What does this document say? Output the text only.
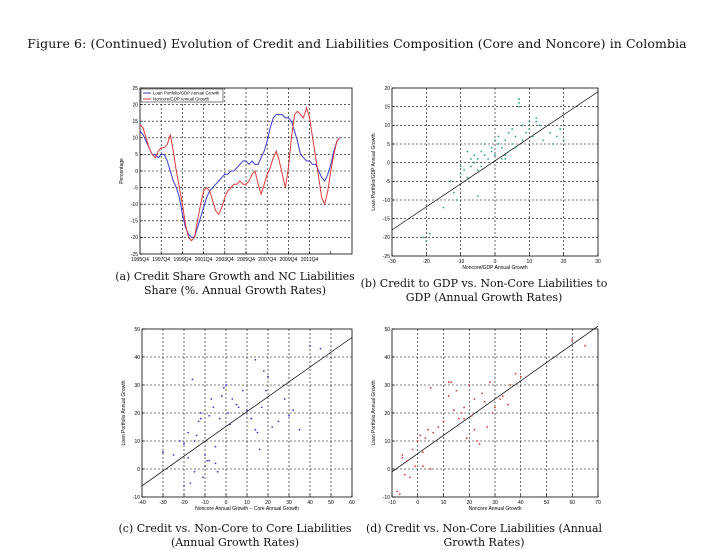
Figure 6: (Continued) Evolution of Credit and Liabilities Composition (Core and Noncore) in Colombia
1995Q4 1997Q4 1999Q4 2001Q4 2003Q4 2005Q4 2007Q4 2009Q4 2011Q4
-25
-20
-15
-10
-5
0
5
10
15
20
25
Percentage
Loan Portfolio/GDP Annual Growth
Noncore/GDP Annual Growth
-30	-20	-10	0	10	20	30
-25
-20
-15
-10
-5
0
5
10
15
20
Noncore/GDP Annual Growth
Loan Portfolio/GDP Annual Growth
-40	-30	-20	-10	0	10	20	30	40	50	60
-10
0
10
20
30
40
50
Noncore Annual Growth − Core Annual Growth
Loan Portfolio Annual Growth
-10	0	10	20	30	40	50	60	70
-10
0
10
20
30
40
50
Noncore Annual Growth
Loan Portfolio Annual Growth
(a) Credit Share Growth and NC Liabilities
Share (%. Annual Growth Rates)
(b) Credit to GDP vs. Non-Core Liabilities to
GDP (Annual Growth Rates)
(c) Credit vs. Non-Core to Core Liabilities
(Annual Growth Rates)
(d) Credit vs. Non-Core Liabilities (Annual
Growth Rates)
